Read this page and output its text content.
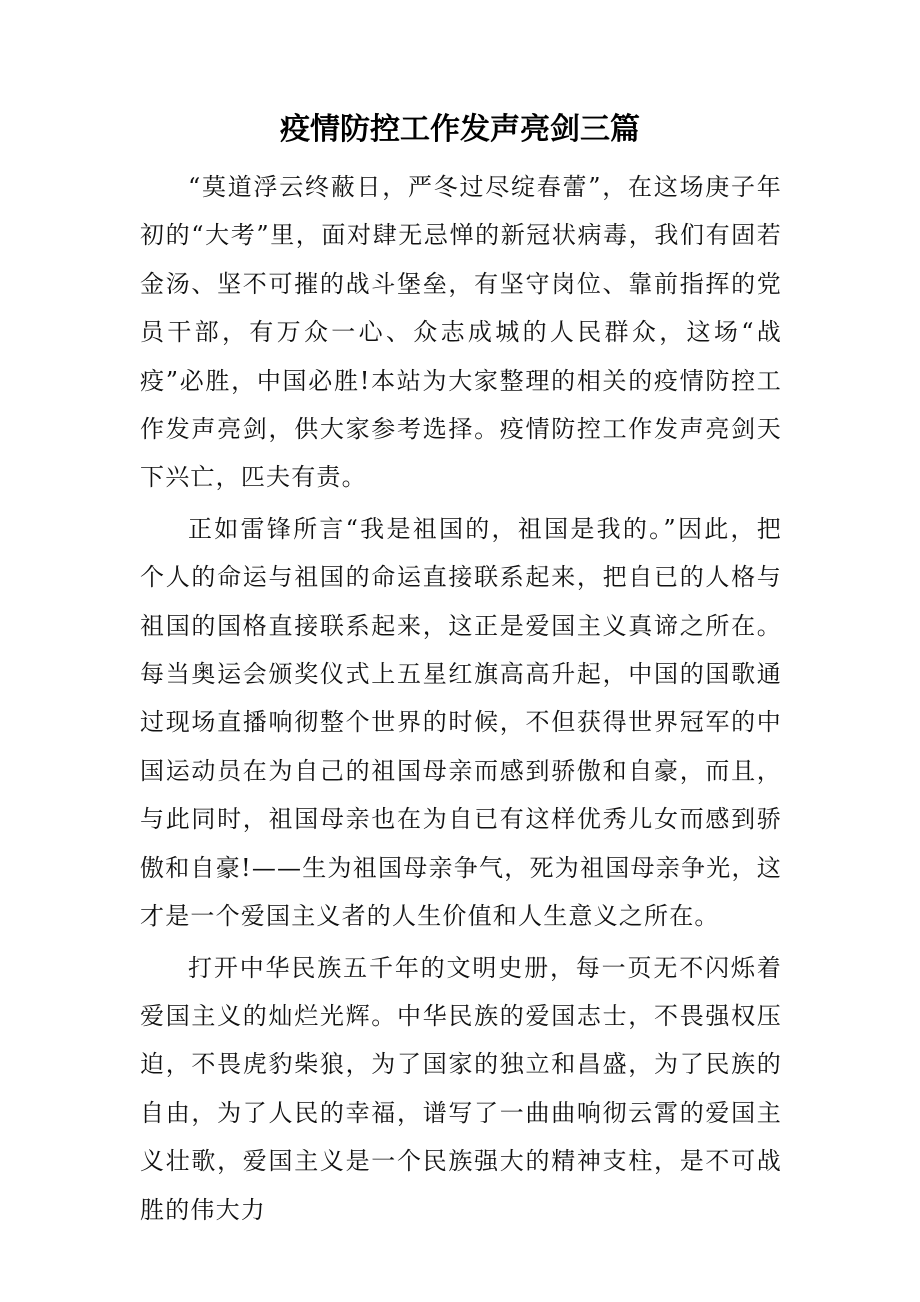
疫情防控工作发声亮剑三篇

“莫道浮云终蔽日，严冬过尽绽春蕾”，在这场庚子年初的“大考”里，面对肆无忌惮的新冠状病毒，我们有固若金汤、坚不可摧的战斗堡垒，有坚守岗位、靠前指挥的党员干部，有万众一心、众志成城的人民群众，这场“战疫”必胜，中国必胜!本站为大家整理的相关的疫情防控工作发声亮剑，供大家参考选择。疫情防控工作发声亮剑天下兴亡，匹夫有责。

正如雷锋所言“我是祖国的，祖国是我的。”因此，把个人的命运与祖国的命运直接联系起来，把自已的人格与祖国的国格直接联系起来，这正是爱国主义真谛之所在。每当奥运会颁奖仪式上五星红旗高高升起，中国的国歌通过现场直播响彻整个世界的时候，不但获得世界冠军的中国运动员在为自己的祖国母亲而感到骄傲和自豪，而且，与此同时，祖国母亲也在为自已有这样优秀儿女而感到骄傲和自豪!——生为祖国母亲争气，死为祖国母亲争光，这才是一个爱国主义者的人生价值和人生意义之所在。

打开中华民族五千年的文明史册，每一页无不闪烁着爱国主义的灿烂光辉。中华民族的爱国志士，不畏强权压迫，不畏虎豹柴狼，为了国家的独立和昌盛，为了民族的自由，为了人民的幸福，谱写了一曲曲响彻云霄的爱国主义壮歌，爱国主义是一个民族强大的精神支柱，是不可战胜的伟大力
